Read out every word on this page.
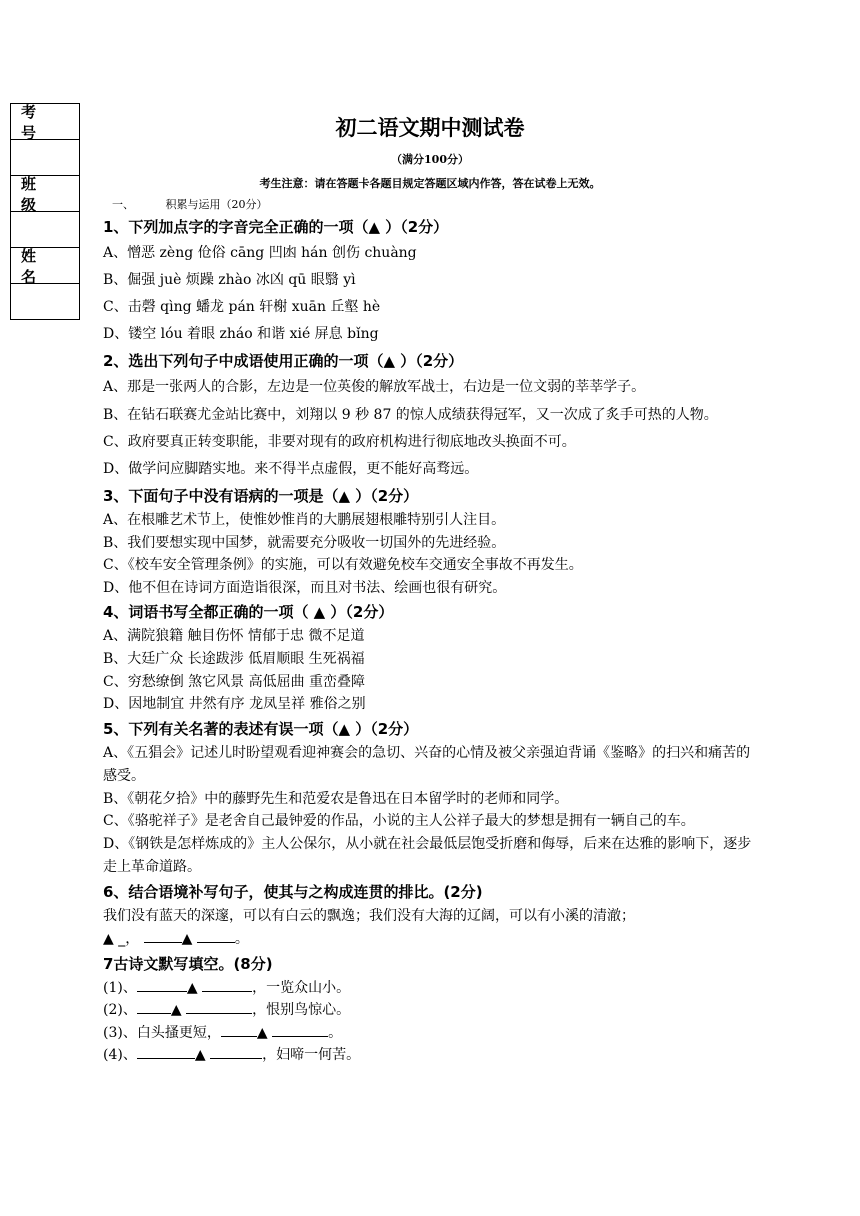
考 号
班 级
姓 名
初二语文期中测试卷
（满分100分）
考生注意：请在答题卡各题目规定答题区域内作答，答在试卷上无效。
一、	积累与运用（20分）
1、下列加点字的字音完全正确的一项（▲ ）（2分）
A、憎恶 zèng 伧俗 cāng 凹凼 hán 创伤 chuàng
B、倔强 juè 烦躁 zhào 冰凶 qū 眼翳 yì
C、击磬 qìng 蟠龙 pán 轩榭 xuān 丘壑 hè
D、镂空 lóu 着眼 zháo 和谐 xié 屏息 bǐng
2、选出下列句子中成语使用正确的一项（▲ ）（2分）
A、那是一张两人的合影，左边是一位英俊的解放军战士，右边是一位文弱的莘莘学子。
B、在钻石联赛尤金站比赛中，刘翔以 9 秒 87 的惊人成绩获得冠军，又一次成了炙手可热的人物。
C、政府要真正转变职能，非要对现有的政府机构进行彻底地改头换面不可。
D、做学问应脚踏实地。来不得半点虚假，更不能好高骛远。
3、下面句子中没有语病的一项是（▲ ）（2分）
A、在根雕艺术节上，使惟妙惟肖的大鹏展翅根雕特别引人注目。
B、我们要想实现中国梦，就需要充分吸收一切国外的先进经验。
C、《校车安全管理条例》的实施，可以有效避免校车交通安全事故不再发生。
D、他不但在诗词方面造诣很深，而且对书法、绘画也很有研究。
4、词语书写全都正确的一项（ ▲ ）（2分）
A、满院狼籍 触目伤怀 情郁于忠 微不足道
B、大廷广众 长途跋涉 低眉顺眼 生死祸福
C、穷愁缭倒 煞它风景 高低屈曲 重峦叠障
D、因地制宜 井然有序 龙凤呈祥 雅俗之别
5、下列有关名著的表述有误一项（▲ ）（2分）
A、《五猖会》记述儿时盼望观看迎神赛会的急切、兴奋的心情及被父亲强迫背诵《鉴略》的扫兴和痛苦的感受。
B、《朝花夕拾》中的藤野先生和范爱农是鲁迅在日本留学时的老师和同学。
C、《骆驼祥子》是老舍自己最钟爱的作品，小说的主人公祥子最大的梦想是拥有一辆自己的车。
D、《钢铁是怎样炼成的》主人公保尔，从小就在社会最低层饱受折磨和侮辱，后来在达雅的影响下，逐步走上革命道路。
6、结合语境补写句子，使其与之构成连贯的排比。(2分)
我们没有蓝天的深邃，可以有白云的飘逸；我们没有大海的辽阔，可以有小溪的清澈；
▲ _，	▲	。
7古诗文默写填空。(8分)
(1)、	▲	，一览众山小。
(2)、 ▲	，恨别鸟惊心。
(3)、白头搔更短，	▲	。
(4)、	▲	，妇啼一何苦。
